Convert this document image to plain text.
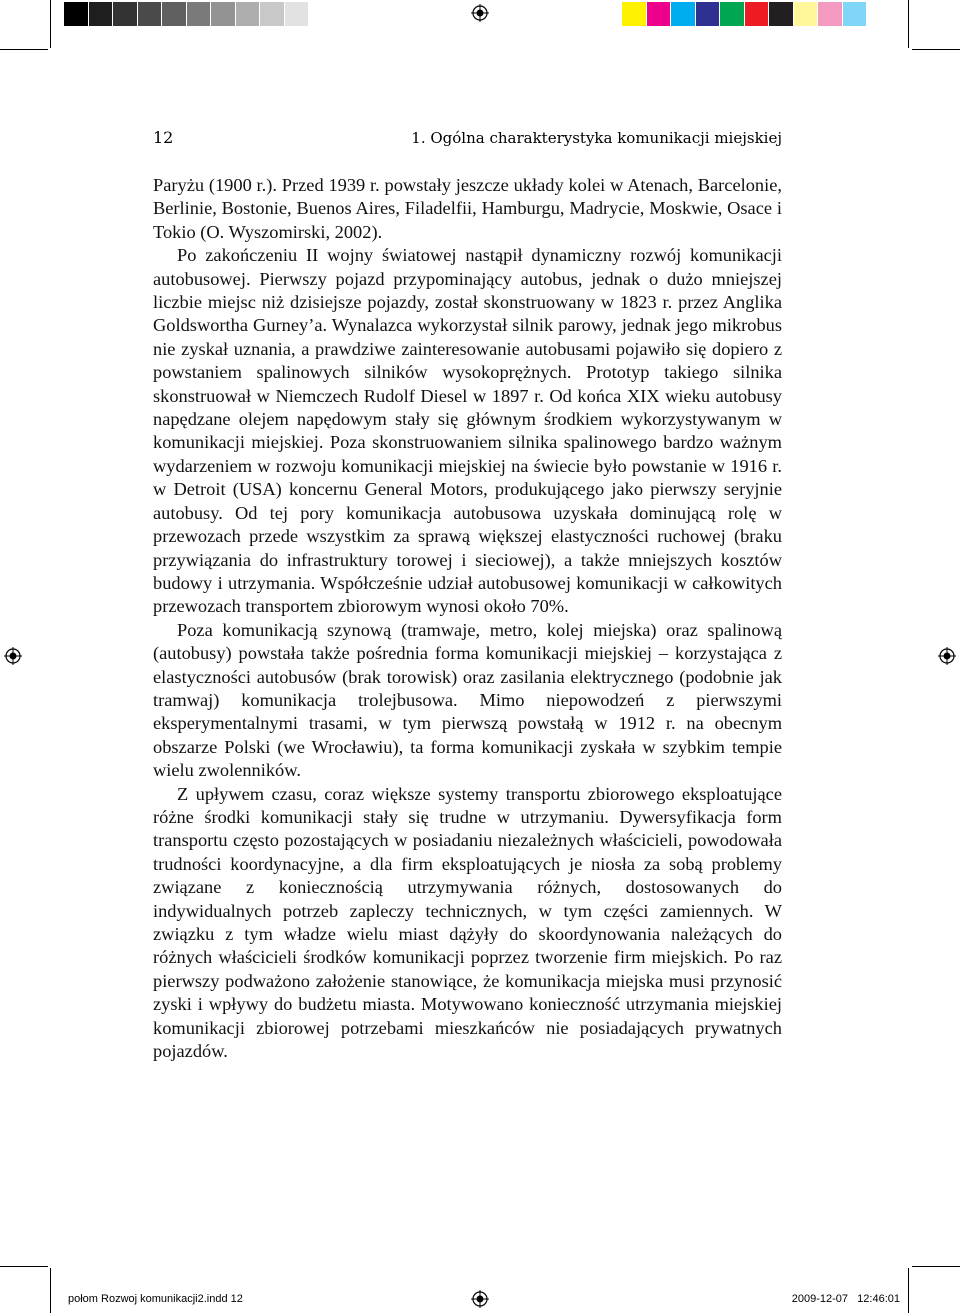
12	1. Ogólna charakterystyka komunikacji miejskiej

Paryżu (1900 r.). Przed 1939 r. powstały jeszcze układy kolei w Atenach, Barcelonie, Berlinie, Bostonie, Buenos Aires, Filadelfii, Hamburgu, Madrycie, Moskwie, Osace i Tokio (O. Wyszomirski, 2002).

Po zakończeniu II wojny światowej nastąpił dynamiczny rozwój komunikacji autobusowej. Pierwszy pojazd przypominający autobus, jednak o dużo mniejszej liczbie miejsc niż dzisiejsze pojazdy, został skonstruowany w 1823 r. przez Anglika Goldswortha Gurney’a. Wynalazca wykorzystał silnik parowy, jednak jego mikrobus nie zyskał uznania, a prawdziwe zainteresowanie autobusami pojawiło się dopiero z powstaniem spalinowych silników wysokoprężnych. Prototyp takiego silnika skonstruował w Niemczech Rudolf Diesel w 1897 r. Od końca XIX wieku autobusy napędzane olejem napędowym stały się głównym środkiem wykorzystywanym w komunikacji miejskiej. Poza skonstruowaniem silnika spalinowego bardzo ważnym wydarzeniem w rozwoju komunikacji miejskiej na świecie było powstanie w 1916 r. w Detroit (USA) koncernu General Motors, produkującego jako pierwszy seryjnie autobusy. Od tej pory komunikacja autobusowa uzyskała dominującą rolę w przewozach przede wszystkim za sprawą większej elastyczności ruchowej (braku przywiązania do infrastruktury torowej i sieciowej), a także mniejszych kosztów budowy i utrzymania. Współcześnie udział autobusowej komunikacji w całkowitych przewozach transportem zbiorowym wynosi około 70%.

Poza komunikacją szynową (tramwaje, metro, kolej miejska) oraz spalinową (autobusy) powstała także pośrednia forma komunikacji miejskiej – korzystająca z elastyczności autobusów (brak torowisk) oraz zasilania elektrycznego (podobnie jak tramwaj) komunikacja trolejbusowa. Mimo niepowodzeń z pierwszymi eksperymentalnymi trasami, w tym pierwszą powstałą w 1912 r. na obecnym obszarze Polski (we Wrocławiu), ta forma komunikacji zyskała w szybkim tempie wielu zwolenników.

Z upływem czasu, coraz większe systemy transportu zbiorowego eksploatujące różne środki komunikacji stały się trudne w utrzymaniu. Dywersyfikacja form transportu często pozostających w posiadaniu niezależnych właścicieli, powodowała trudności koordynacyjne, a dla firm eksploatujących je niosła za sobą problemy związane z koniecznością utrzymywania różnych, dostosowanych do indywidualnych potrzeb zapleczy technicznych, w tym części zamiennych. W związku z tym władze wielu miast dążyły do skoordynowania należących do różnych właścicieli środków komunikacji poprzez tworzenie firm miejskich. Po raz pierwszy podważono założenie stanowiące, że komunikacja miejska musi przynosić zyski i wpływy do budżetu miasta. Motywowano konieczność utrzymania miejskiej komunikacji zbiorowej potrzebami mieszkańców nie posiadających prywatnych pojazdów.

połom Rozwoj komunikacji2.indd 12	2009-12-07 12:46:01
